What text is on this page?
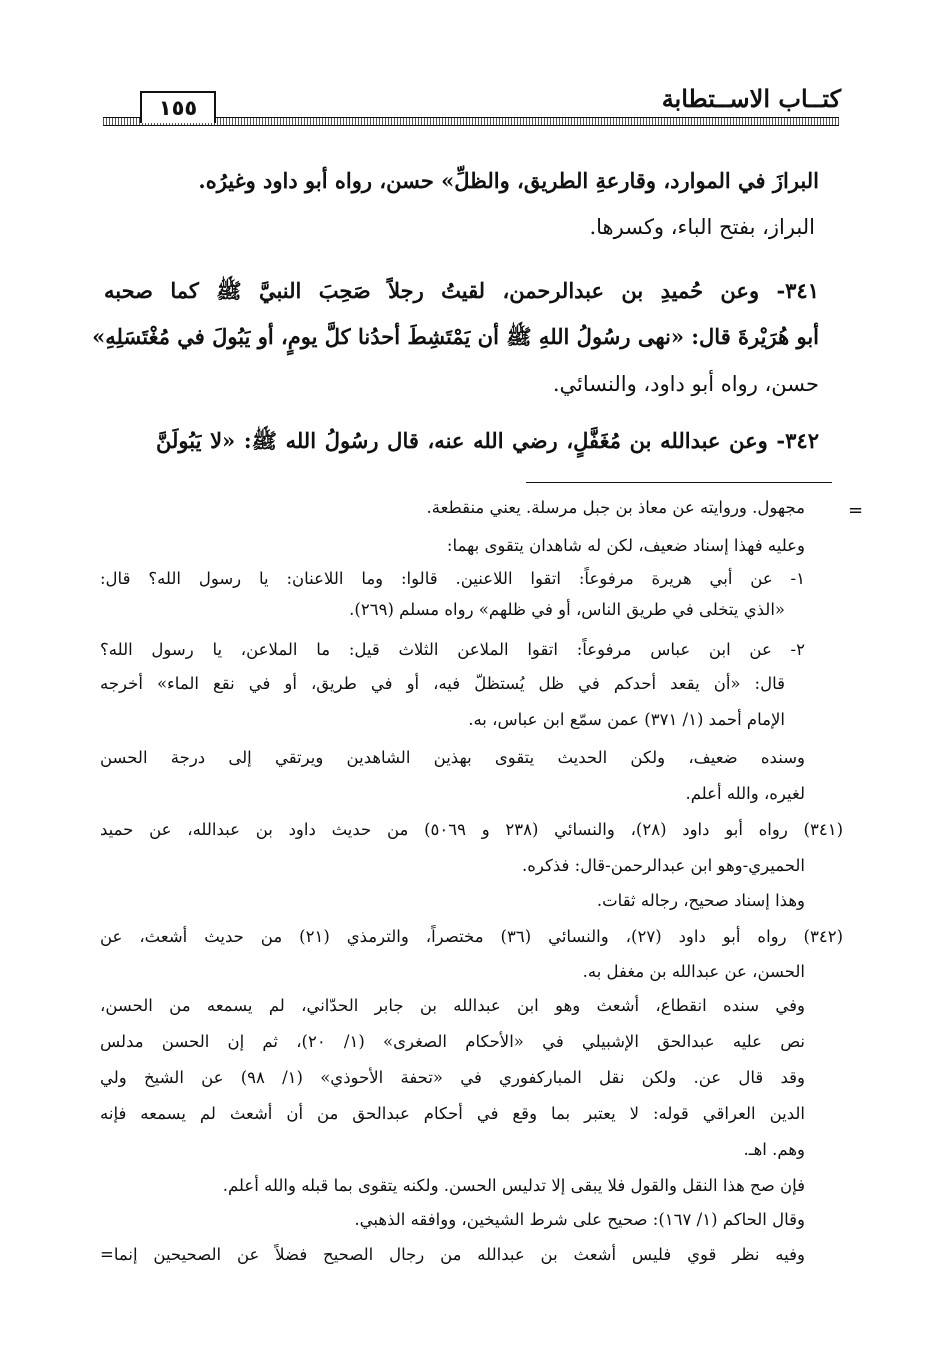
كتــاب الاســتطابة
١٥٥
البرازَ في الموارد، وقارعةِ الطريق، والظلِّ» حسن، رواه أبو داود وغيرُه.
البراز، بفتح الباء، وكسرها.
٣٤١- وعن حُميدِ بن عبدالرحمن، لقيتُ رجلاً صَحِبَ النبيَّ ﷺ كما صحبه
أبو هُرَيْرةَ قال: «نهى رسُولُ اللهِ ﷺ أن يَمْتَشِطَ أحدُنا كلَّ يومٍ، أو يَبُولَ في مُغْتَسَلِهِ»
حسن، رواه أبو داود، والنسائي.
٣٤٢- وعن عبدالله بن مُغَفَّلٍ، رضي الله عنه، قال رسُولُ الله ﷺ: «لا يَبُولَنَّ
=
مجهول. وروايته عن معاذ بن جبل مرسلة. يعني منقطعة.
وعليه فهذا إسناد ضعيف، لكن له شاهدان يتقوى بهما:
١- عن أبي هريرة مرفوعاً: اتقوا اللاعنين. قالوا: وما اللاعنان: يا رسول الله؟ قال:
«الذي يتخلى في طريق الناس، أو في ظلهم» رواه مسلم (٢٦٩).
٢- عن ابن عباس مرفوعاً: اتقوا الملاعن الثلاث قيل: ما الملاعن، يا رسول الله؟
قال: «أن يقعد أحدكم في ظل يُستظلّ فيه، أو في طريق، أو في نقع الماء» أخرجه
الإمام أحمد (١/ ٣٧١) عمن سمّع ابن عباس، به.
وسنده ضعيف، ولكن الحديث يتقوى بهذين الشاهدين ويرتقي إلى درجة الحسن
لغيره، والله أعلم.
(٣٤١) رواه أبو داود (٢٨)، والنسائي (٢٣٨ و ٥٠٦٩) من حديث داود بن عبدالله، عن حميد
الحميري-وهو ابن عبدالرحمن-قال: فذكره.
وهذا إسناد صحيح، رجاله ثقات.
(٣٤٢) رواه أبو داود (٢٧)، والنسائي (٣٦) مختصراً، والترمذي (٢١) من حديث أشعث، عن
الحسن، عن عبدالله بن مغفل به.
وفي سنده انقطاع، أشعث وهو ابن عبدالله بن جابر الحدّاني، لم يسمعه من الحسن،
نص عليه عبدالحق الإشبيلي في «الأحكام الصغرى» (١/ ٢٠)، ثم إن الحسن مدلس
وقد قال عن. ولكن نقل المباركفوري في «تحفة الأحوذي» (١/ ٩٨) عن الشيخ ولي
الدين العراقي قوله: لا يعتبر بما وقع في أحكام عبدالحق من أن أشعث لم يسمعه فإنه
وهم. اهـ.
فإن صح هذا النقل والقول فلا يبقى إلا تدليس الحسن. ولكنه يتقوى بما قبله والله أعلم.
وقال الحاكم (١/ ١٦٧): صحيح على شرط الشيخين، ووافقه الذهبي.
وفيه نظر قوي فليس أشعث بن عبدالله من رجال الصحيح فضلاً عن الصحيحين إنما=
